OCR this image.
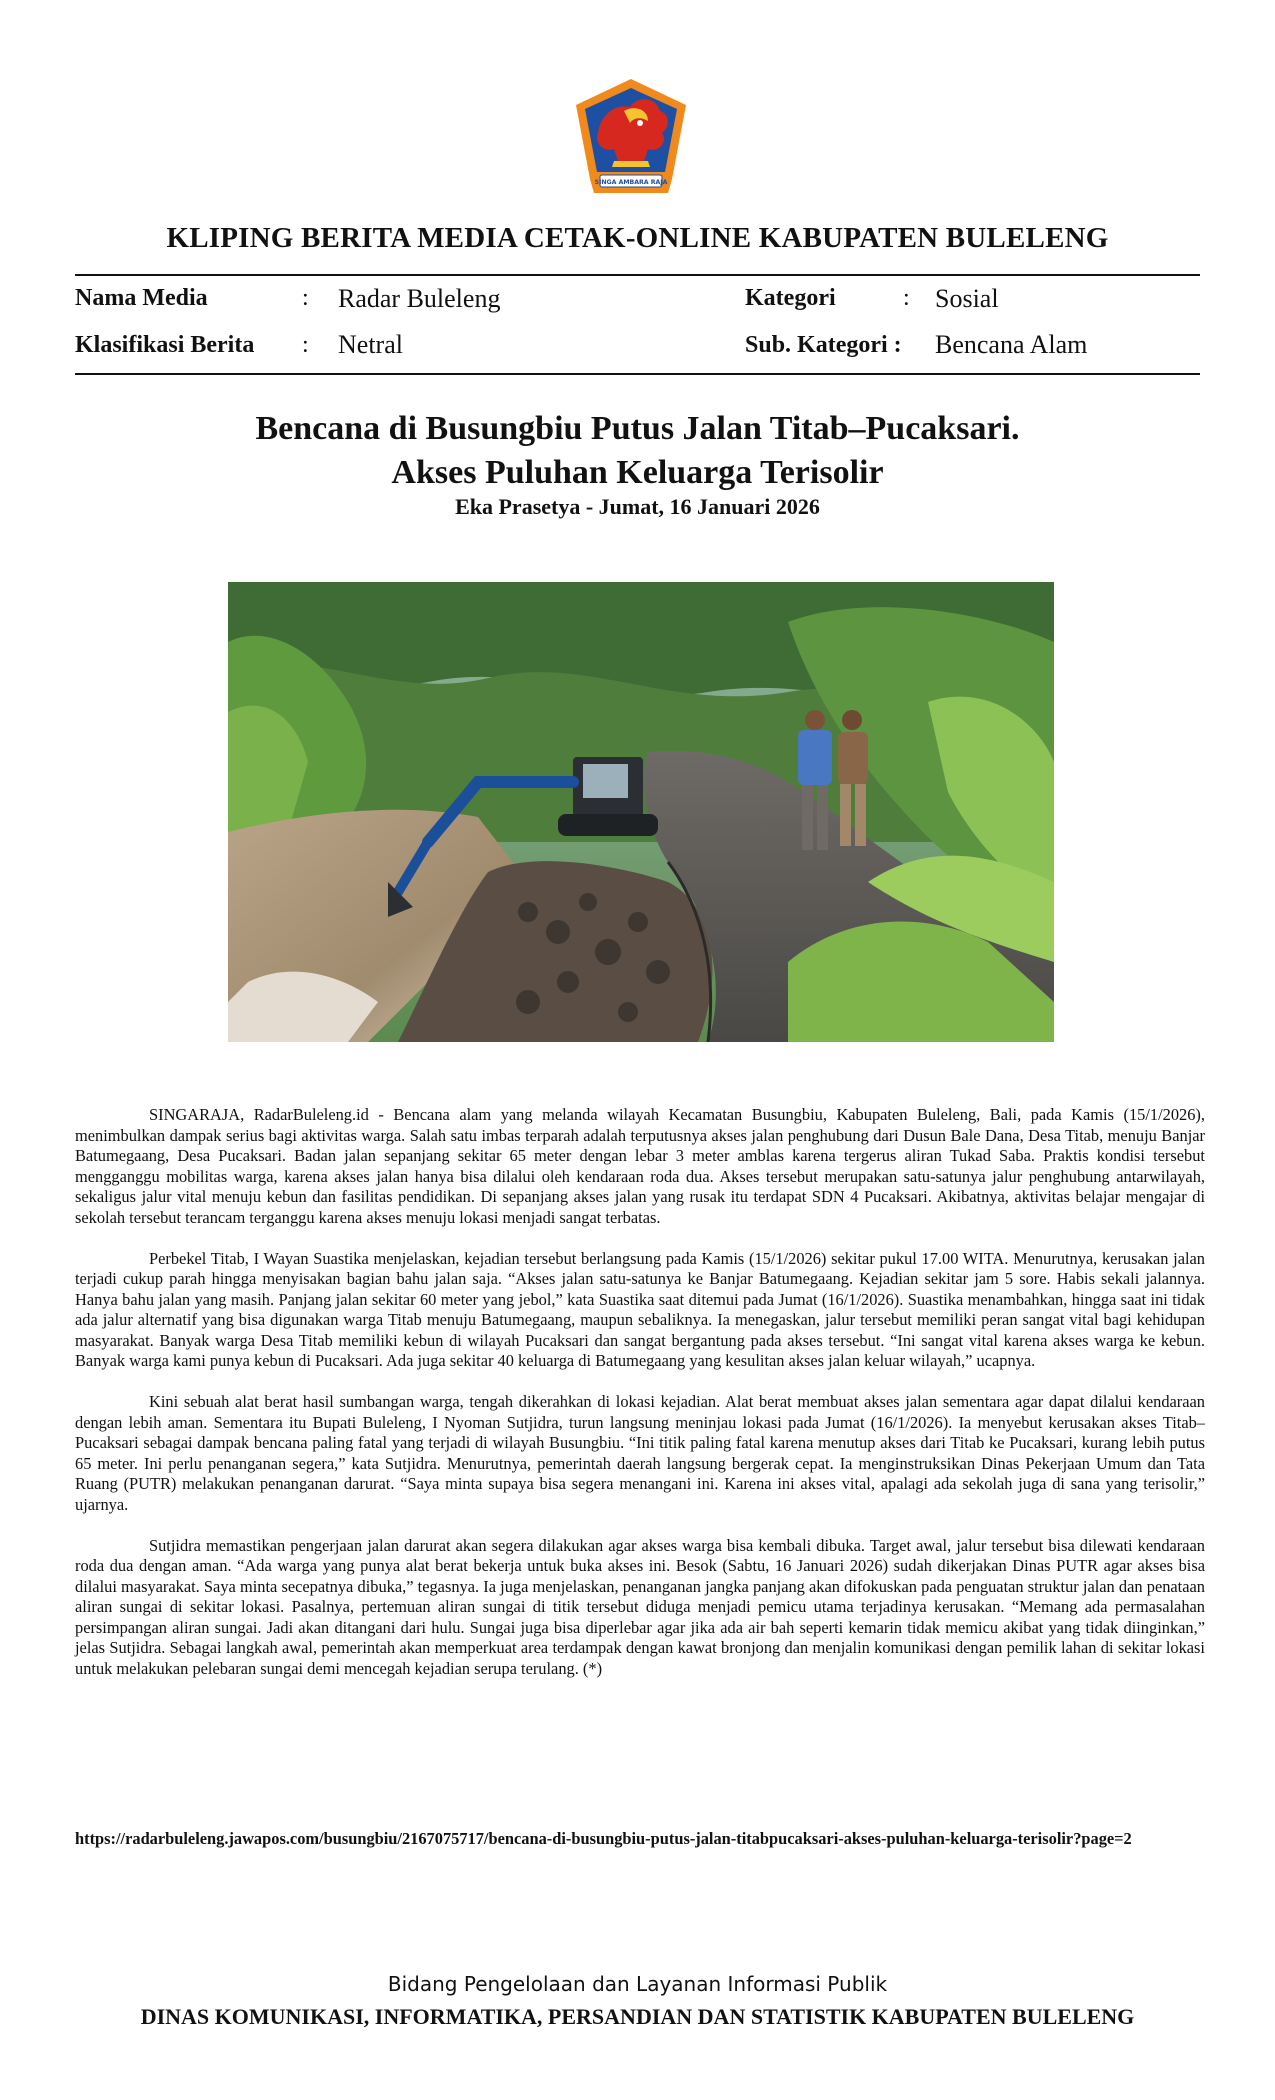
SINGA AMBARA RAJA
KLIPING BERITA MEDIA CETAK-ONLINE KABUPATEN BULELENG
Nama Media	: Radar Buleleng
Klasifikasi Berita : Netral
Kategori	: Sosial
Sub. Kategori : Bencana Alam
Bencana di Busungbiu Putus Jalan Titab–Pucaksari.
Akses Puluhan Keluarga Terisolir
Eka Prasetya - Jumat, 16 Januari 2026

SINGARAJA, RadarBuleleng.id - Bencana alam yang melanda wilayah Kecamatan Busungbiu, Kabupaten Buleleng, Bali, pada Kamis (15/1/2026), menimbulkan dampak serius bagi aktivitas warga. Salah satu imbas terparah adalah terputusnya akses jalan penghubung dari Dusun Bale Dana, Desa Titab, menuju Banjar Batumegaang, Desa Pucaksari. Badan jalan sepanjang sekitar 65 meter dengan lebar 3 meter amblas karena tergerus aliran Tukad Saba. Praktis kondisi tersebut mengganggu mobilitas warga, karena akses jalan hanya bisa dilalui oleh kendaraan roda dua. Akses tersebut merupakan satu-satunya jalur penghubung antarwilayah, sekaligus jalur vital menuju kebun dan fasilitas pendidikan. Di sepanjang akses jalan yang rusak itu terdapat SDN 4 Pucaksari. Akibatnya, aktivitas belajar mengajar di sekolah tersebut terancam terganggu karena akses menuju lokasi menjadi sangat terbatas.

Perbekel Titab, I Wayan Suastika menjelaskan, kejadian tersebut berlangsung pada Kamis (15/1/2026) sekitar pukul 17.00 WITA. Menurutnya, kerusakan jalan terjadi cukup parah hingga menyisakan bagian bahu jalan saja. “Akses jalan satu-satunya ke Banjar Batumegaang. Kejadian sekitar jam 5 sore. Habis sekali jalannya. Hanya bahu jalan yang masih. Panjang jalan sekitar 60 meter yang jebol,” kata Suastika saat ditemui pada Jumat (16/1/2026). Suastika menambahkan, hingga saat ini tidak ada jalur alternatif yang bisa digunakan warga Titab menuju Batumegaang, maupun sebaliknya. Ia menegaskan, jalur tersebut memiliki peran sangat vital bagi kehidupan masyarakat. Banyak warga Desa Titab memiliki kebun di wilayah Pucaksari dan sangat bergantung pada akses tersebut. “Ini sangat vital karena akses warga ke kebun. Banyak warga kami punya kebun di Pucaksari. Ada juga sekitar 40 keluarga di Batumegaang yang kesulitan akses jalan keluar wilayah,” ucapnya.

Kini sebuah alat berat hasil sumbangan warga, tengah dikerahkan di lokasi kejadian. Alat berat membuat akses jalan sementara agar dapat dilalui kendaraan dengan lebih aman. Sementara itu Bupati Buleleng, I Nyoman Sutjidra, turun langsung meninjau lokasi pada Jumat (16/1/2026). Ia menyebut kerusakan akses Titab–Pucaksari sebagai dampak bencana paling fatal yang terjadi di wilayah Busungbiu. “Ini titik paling fatal karena menutup akses dari Titab ke Pucaksari, kurang lebih putus 65 meter. Ini perlu penanganan segera,” kata Sutjidra. Menurutnya, pemerintah daerah langsung bergerak cepat. Ia menginstruksikan Dinas Pekerjaan Umum dan Tata Ruang (PUTR) melakukan penanganan darurat. “Saya minta supaya bisa segera menangani ini. Karena ini akses vital, apalagi ada sekolah juga di sana yang terisolir,” ujarnya.

Sutjidra memastikan pengerjaan jalan darurat akan segera dilakukan agar akses warga bisa kembali dibuka. Target awal, jalur tersebut bisa dilewati kendaraan roda dua dengan aman. “Ada warga yang punya alat berat bekerja untuk buka akses ini. Besok (Sabtu, 16 Januari 2026) sudah dikerjakan Dinas PUTR agar akses bisa dilalui masyarakat. Saya minta secepatnya dibuka,” tegasnya. Ia juga menjelaskan, penanganan jangka panjang akan difokuskan pada penguatan struktur jalan dan penataan aliran sungai di sekitar lokasi. Pasalnya, pertemuan aliran sungai di titik tersebut diduga menjadi pemicu utama terjadinya kerusakan. “Memang ada permasalahan persimpangan aliran sungai. Jadi akan ditangani dari hulu. Sungai juga bisa diperlebar agar jika ada air bah seperti kemarin tidak memicu akibat yang tidak diinginkan,” jelas Sutjidra. Sebagai langkah awal, pemerintah akan memperkuat area terdampak dengan kawat bronjong dan menjalin komunikasi dengan pemilik lahan di sekitar lokasi untuk melakukan pelebaran sungai demi mencegah kejadian serupa terulang. (*)

https://radarbuleleng.jawapos.com/busungbiu/2167075717/bencana-di-busungbiu-putus-jalan-titabpucaksari-akses-puluhan-keluarga-terisolir?page=2
Bidang Pengelolaan dan Layanan Informasi Publik
DINAS KOMUNIKASI, INFORMATIKA, PERSANDIAN DAN STATISTIK KABUPATEN BULELENG
